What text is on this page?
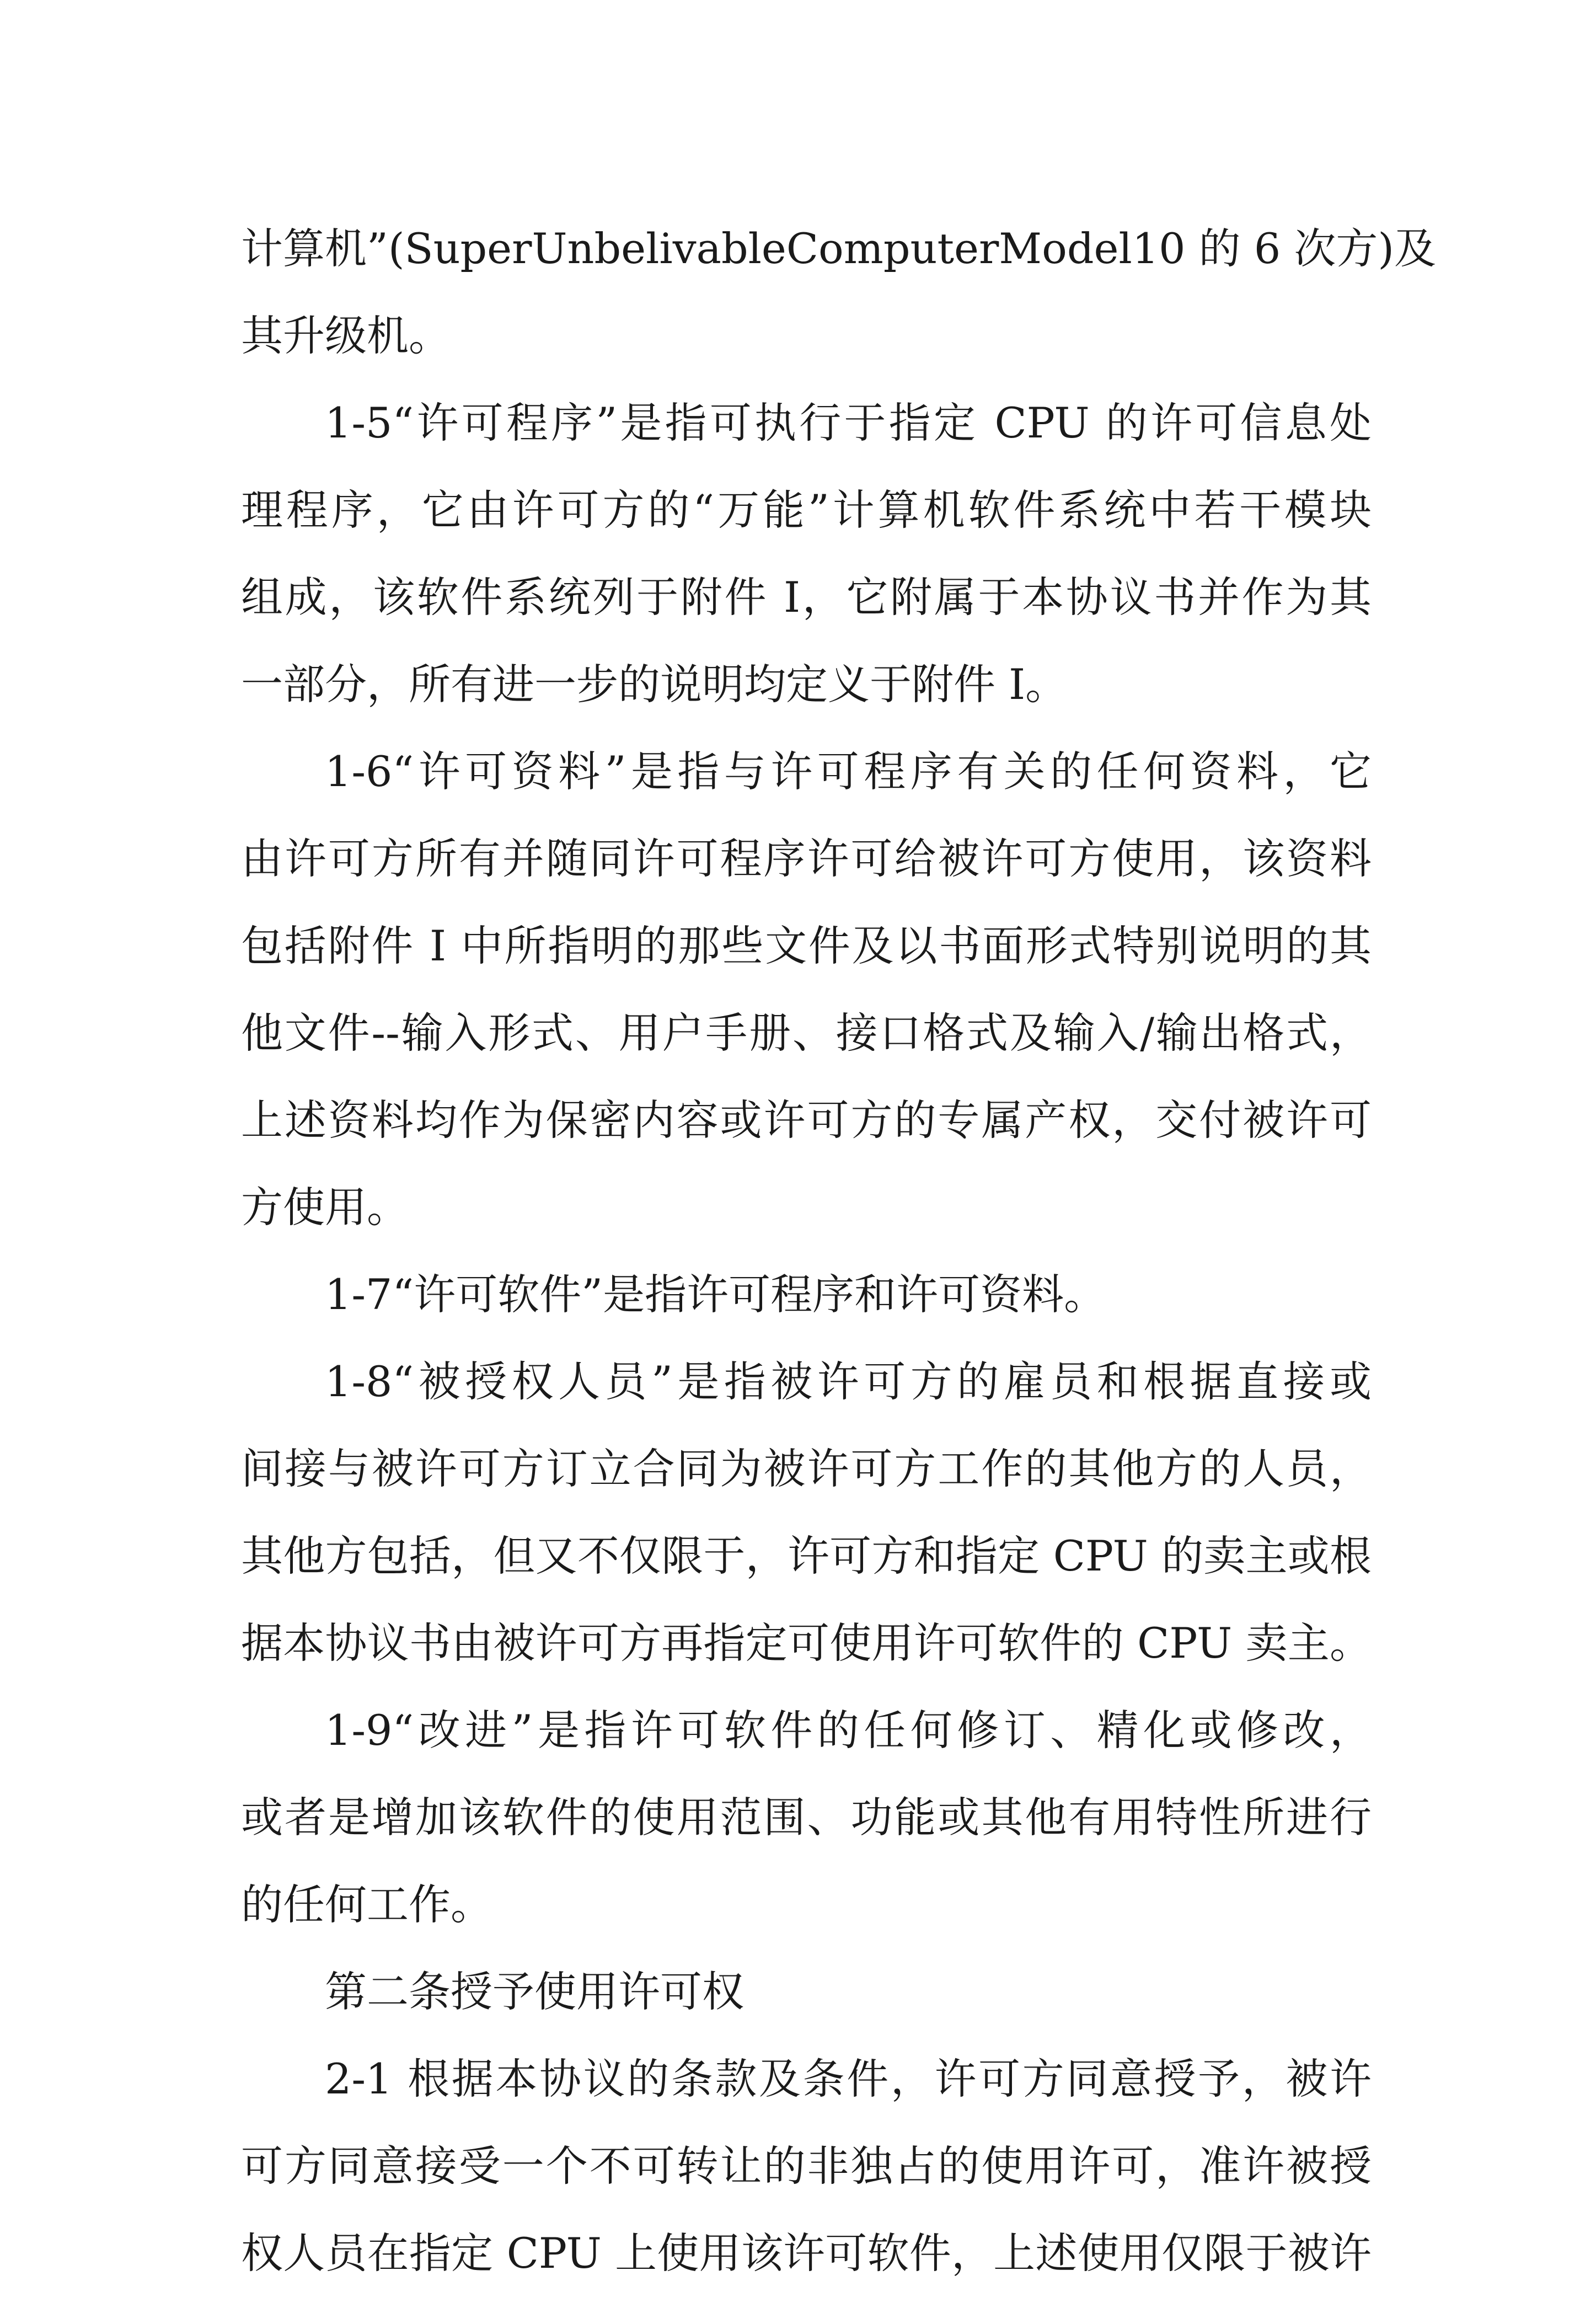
计算机”(SuperUnbelivableComputerModel10 的 6 次方)及
其升级机。

1-5“许可程序”是指可执行于指定 CPU 的许可信息处
理程序，它由许可方的“万能”计算机软件系统中若干模块
组成，该软件系统列于附件 I，它附属于本协议书并作为其
一部分，所有进一步的说明均定义于附件 I。

1-6“许可资料”是指与许可程序有关的任何资料，它
由许可方所有并随同许可程序许可给被许可方使用，该资料
包括附件 I 中所指明的那些文件及以书面形式特别说明的其
他文件--输入形式、用户手册、接口格式及输入/输出格式，
上述资料均作为保密内容或许可方的专属产权，交付被许可
方使用。

1-7“许可软件”是指许可程序和许可资料。

1-8“被授权人员”是指被许可方的雇员和根据直接或
间接与被许可方订立合同为被许可方工作的其他方的人员，
其他方包括，但又不仅限于，许可方和指定 CPU 的卖主或根
据本协议书由被许可方再指定可使用许可软件的 CPU 卖主。

1-9“改进”是指许可软件的任何修订、精化或修改，
或者是增加该软件的使用范围、功能或其他有用特性所进行
的任何工作。

第二条授予使用许可权

2-1 根据本协议的条款及条件，许可方同意授予，被许
可方同意接受一个不可转让的非独占的使用许可，准许被授
权人员在指定 CPU 上使用该许可软件，上述使用仅限于被许
